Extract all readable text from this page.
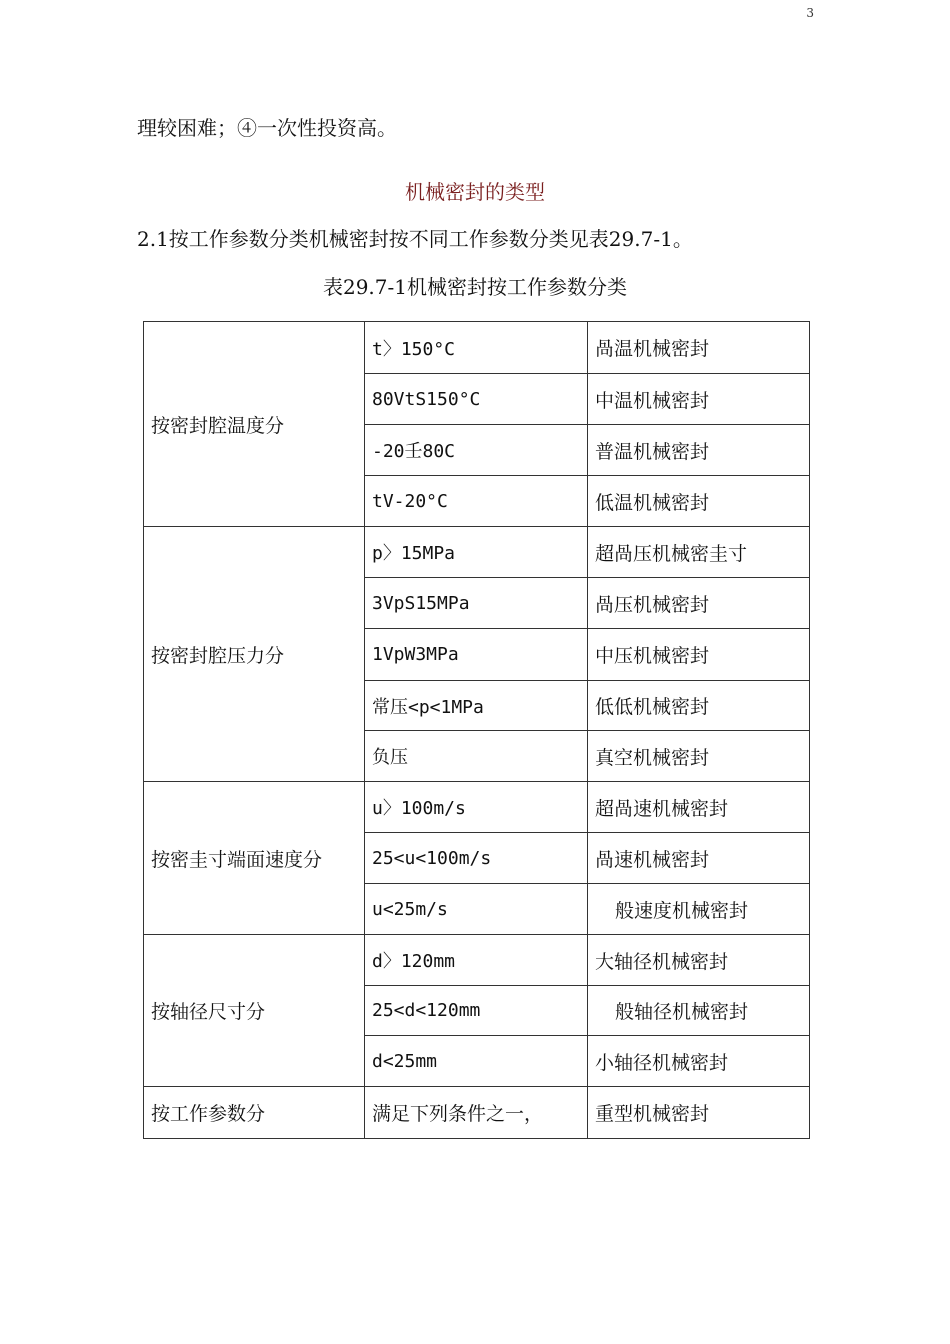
3
理较困难；④一次性投资高。
机械密封的类型
2.1按工作参数分类机械密封按不同工作参数分类见表29.7-1。
表29.7-1机械密封按工作参数分类
按密封腔温度分	t〉150°C	咼温机械密封
	80VtS150°C	中温机械密封
	-20壬80C	普温机械密封
	tV-20°C	低温机械密封
按密封腔压力分	p〉15MPa	超咼压机械密圭寸
	3VpS15MPa	咼压机械密封
	1VpW3MPa	中压机械密封
	常压<p<1MPa	低低机械密封
	负压	真空机械密封
按密圭寸端面速度分	u〉100m/s	超咼速机械密封
	25<u<100m/s	咼速机械密封
	u<25m/s	般速度机械密封
按轴径尺寸分	d〉120mm	大轴径机械密封
	25<d<120mm	般轴径机械密封
	d<25mm	小轴径机械密封
按工作参数分	满足下列条件之一，	重型机械密封
